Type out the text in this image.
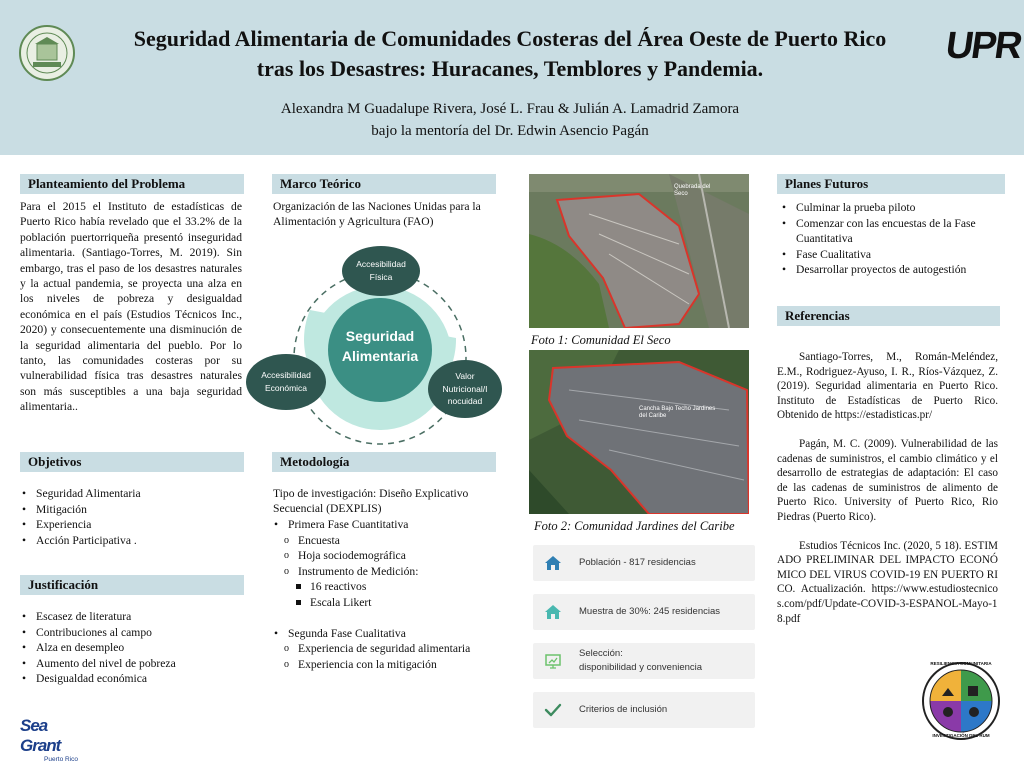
Seguridad Alimentaria de Comunidades Costeras del Área Oeste de Puerto Rico
tras los Desastres: Huracanes, Temblores y Pandemia.
UPR
Alexandra M Guadalupe Rivera, José L. Frau & Julián A. Lamadrid Zamora
bajo la mentoría del Dr. Edwin Asencio Pagán
Planteamiento del Problema

Para el 2015 el Instituto de estadísticas de Puerto Rico había revelado que el 33.2% de la población puertorriqueña presentó inseguridad alimentaria. (Santiago-Torres, M. 2019). Sin embargo, tras el paso de los desastres naturales y la actual pandemia, se proyecta una alza en los niveles de pobreza y desigualdad económica en el país (Estudios Técnicos Inc., 2020) y consecuentemente una disminución de la seguridad alimentaria del pueblo. Por lo tanto, las comunidades costeras por su vulnerabilidad física tras desastres naturales son más susceptibles a una baja seguridad alimentaria..

Objetivos
• Seguridad Alimentaria
• Mitigación
• Experiencia
• Acción Participativa .
Justificación
• Escasez de literatura
• Contribuciones al campo
• Alza en desempleo
• Aumento del nivel de pobreza
• Desigualdad económica
Sea Grant
Puerto Rico
Marco Teórico

Organización de las Naciones Unidas para la Alimentación y Agricultura (FAO)

Seguridad
Alimentaria
Accesibilidad
Física
Accesibilidad
Económica
Valor
Nutricional/I
nocuidad
Metodología

Tipo de investigación: Diseño Explicativo Secuencial (DEXPLIS)

• Primera Fase Cuantitativa
o Encuesta
o Hoja sociodemográfica
o Instrumento de Medición:
16 reactivos
Escala Likert
• Segunda Fase Cualitativa
o Experiencia de seguridad alimentaria
o Experiencia con la mitigación
Quebrada del Seco
Foto 1: Comunidad El Seco
Cancha Bajo Techo Jardines del Caribe
Foto 2: Comunidad Jardines del Caribe
Población - 817 residencias
Muestra de 30%: 245 residencias
Selección:
disponibilidad y conveniencia
Criterios de inclusión
Planes Futuros
• Culminar la prueba piloto
• Comenzar con las encuestas de la Fase Cuantitativa
• Fase Cualitativa
• Desarrollar proyectos de autogestión
Referencias

Santiago-Torres, M., Román-Meléndez, E.M., Rodriguez-Ayuso, I. R., Ríos-Vázquez, Z. (2019). Seguridad alimentaria en Puerto Rico. Instituto de Estadísticas de Puerto Rico. Obtenido de https://estadisticas.pr/

Pagán, M. C. (2009). Vulnerabilidad de las cadenas de suministros, el cambio climático y el desarrollo de estrategias de adaptación: El caso de las cadenas de suministros de alimento de Puerto Rico. University of Puerto Rico, Rio Piedras (Puerto Rico).

Estudios Técnicos Inc. (2020, 5 18). ESTIMADO PRELIMINAR DEL IMPACTO ECONÓMICO DEL VIRUS COVID-19 EN PUERTO RICO. Actualización. https://www.estudiostecnicos.com/pdf/Update-COVID-3-ESPANOL-Mayo-18.pdf

RESILIENCIA COMUNITARIA
INVESTIGACIÓN DEL RUM
